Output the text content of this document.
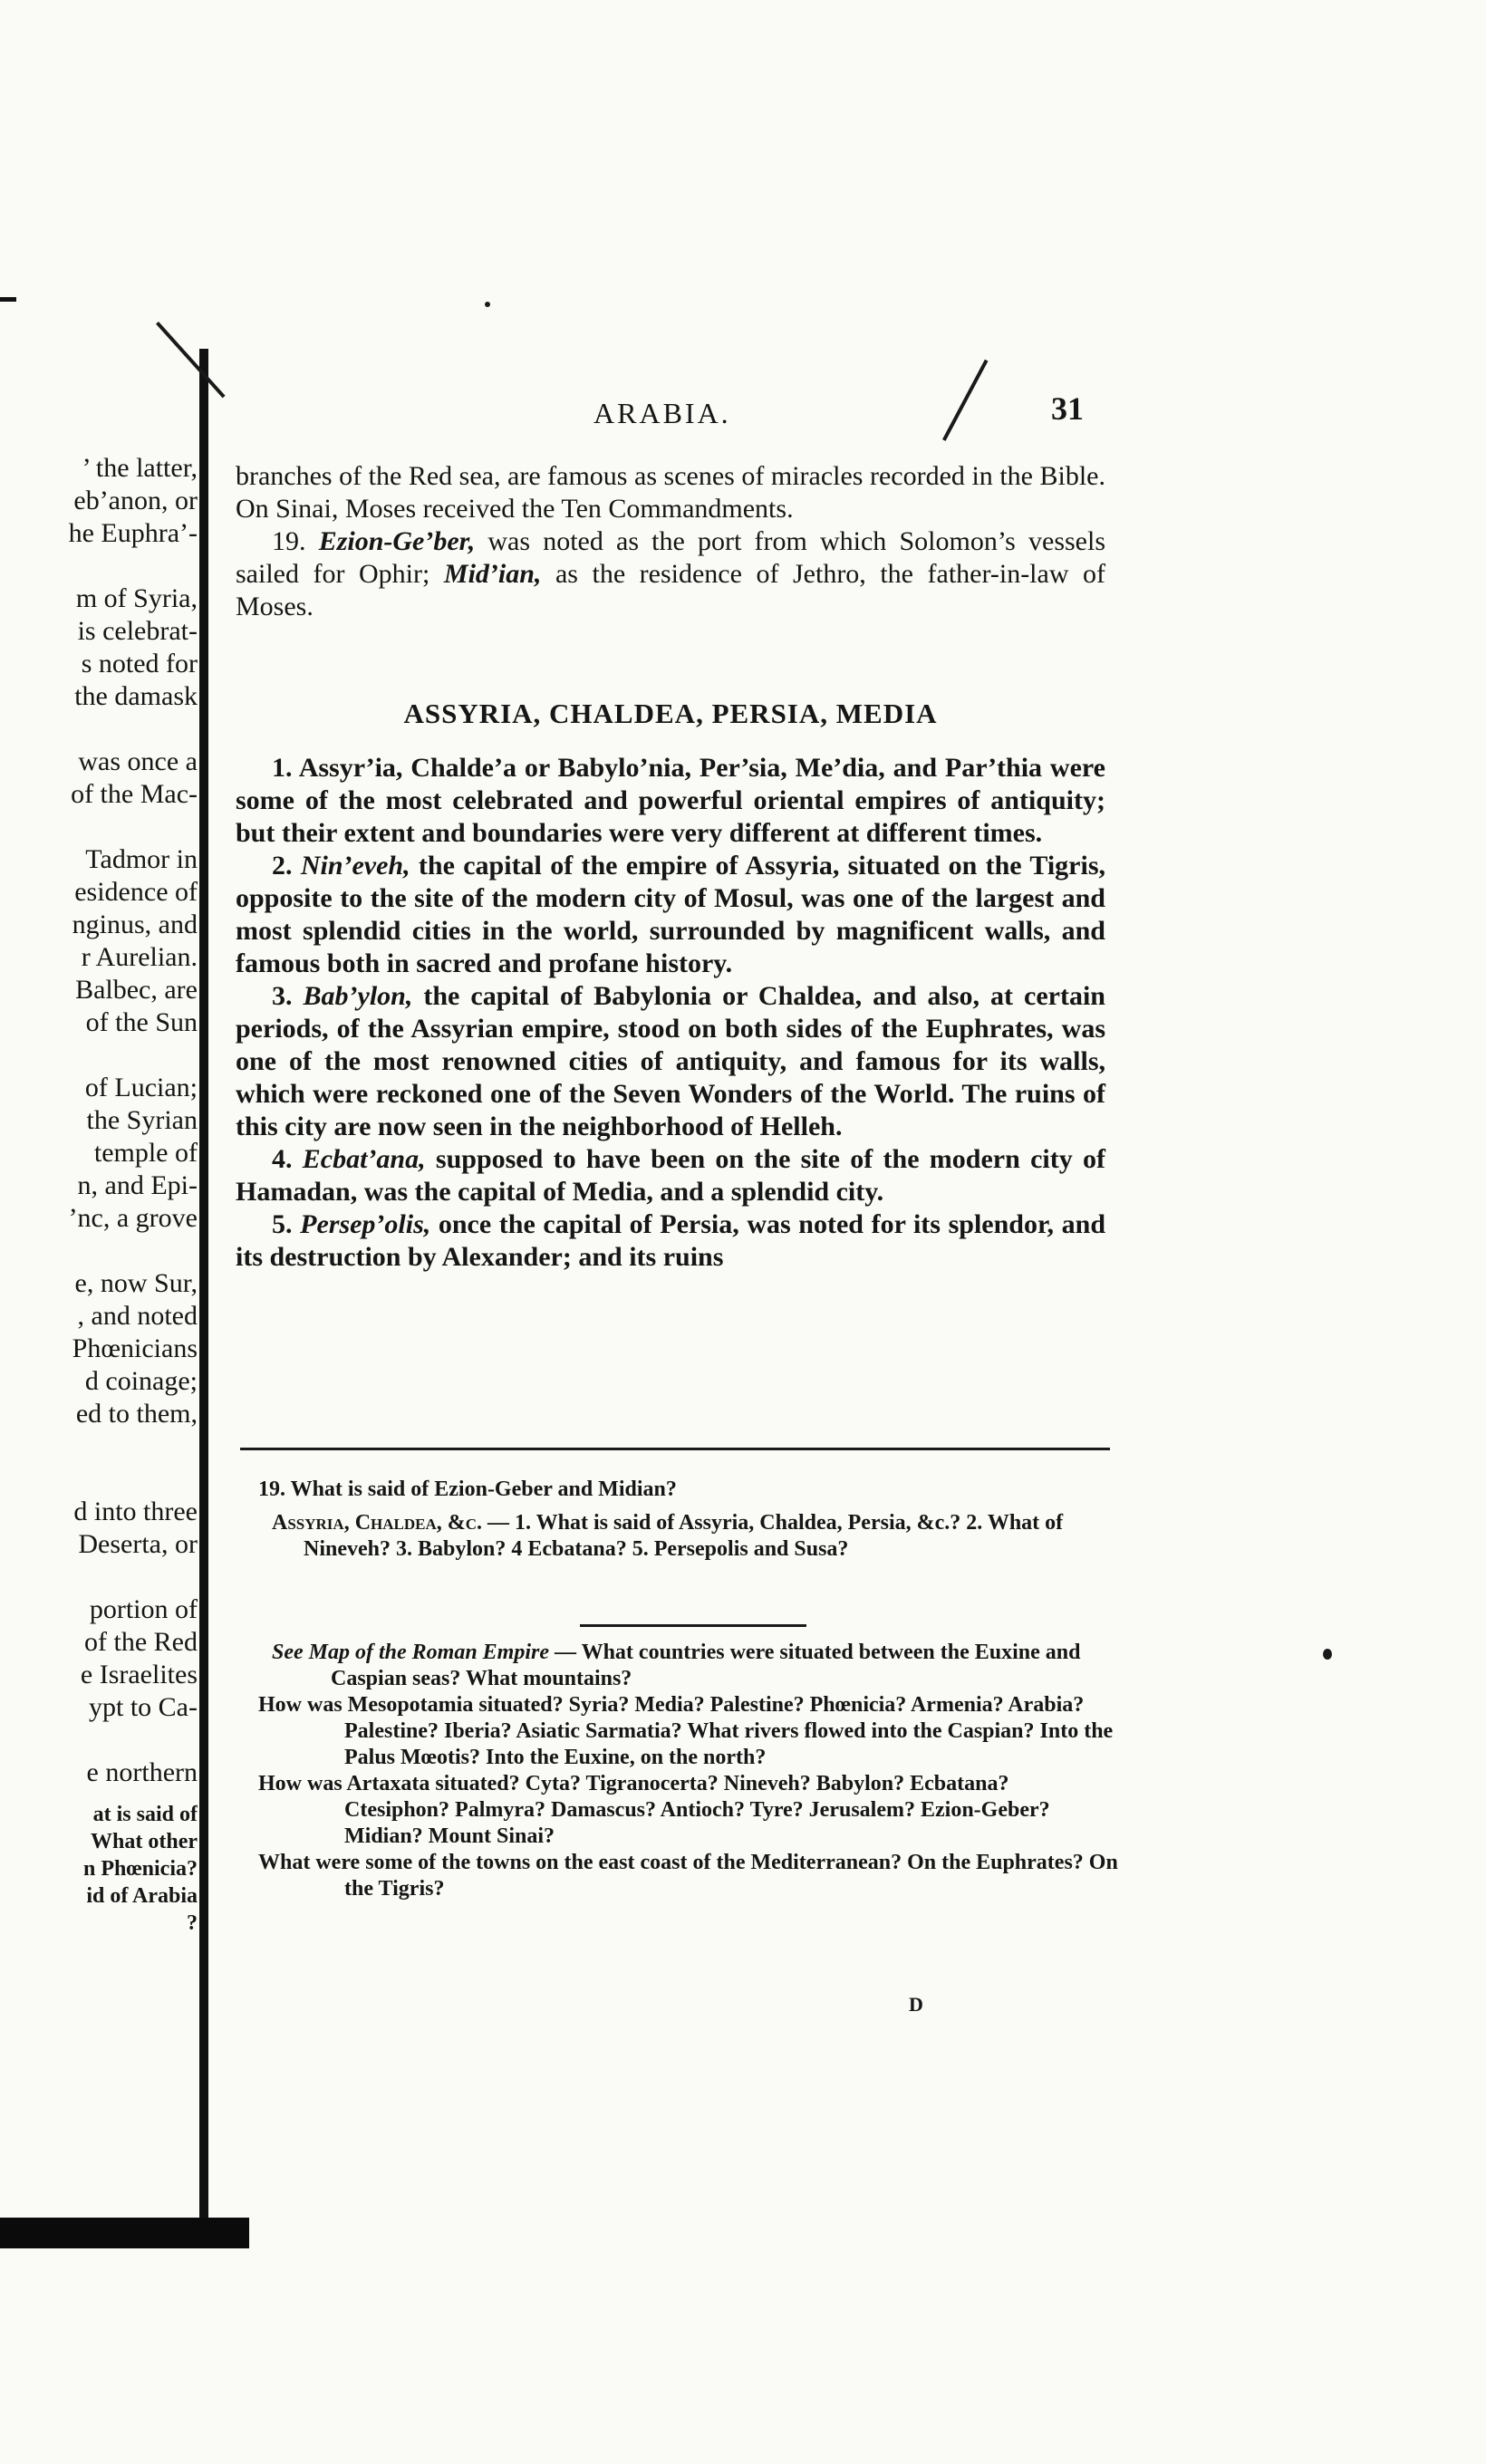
’ the latter,
eb’anon, or
he Euphra’-
m of Syria,
is celebrat-
s noted for
the damask
was once a
of the Mac-
Tadmor in
esidence of
nginus, and
r Aurelian.
Balbec, are
of the Sun
of Lucian;
the Syrian
temple of
n, and Epi-
’nc, a grove
e, now Sur,
, and noted
Phœnicians
d coinage;
ed to them,
d into three
Deserta, or
portion of
of the Red
e Israelites
ypt to Ca-
e northern
at is said of
What other
n Phœnicia?
id of Arabia
?
ARABIA.	31

branches of the Red sea, are famous as scenes of miracles recorded in the Bible. On Sinai, Moses received the Ten Commandments.

19. Ezion-Ge’ber, was noted as the port from which Solomon’s vessels sailed for Ophir; Mid’ian, as the residence of Jethro, the father-in-law of Moses.

ASSYRIA, CHALDEA, PERSIA, MEDIA

1. Assyr’ia, Chalde’a or Babylo’nia, Per’sia, Me’dia, and Par’thia were some of the most celebrated and powerful oriental empires of antiquity; but their extent and boundaries were very different at different times.

2. Nin’eveh, the capital of the empire of Assyria, situated on the Tigris, opposite to the site of the modern city of Mosul, was one of the largest and most splendid cities in the world, surrounded by magnificent walls, and famous both in sacred and profane history.

3. Bab’ylon, the capital of Babylonia or Chaldea, and also, at certain periods, of the Assyrian empire, stood on both sides of the Euphrates, was one of the most renowned cities of antiquity, and famous for its walls, which were reckoned one of the Seven Wonders of the World. The ruins of this city are now seen in the neighborhood of Helleh.

4. Ecbat’ana, supposed to have been on the site of the modern city of Hamadan, was the capital of Media, and a splendid city.

5. Persep’olis, once the capital of Persia, was noted for its splendor, and its destruction by Alexander; and its ruins

19. What is said of Ezion-Geber and Midian?

Assyria, Chaldea, &c. — 1. What is said of Assyria, Chaldea, Persia, &c.? 2. What of Nineveh? 3. Babylon? 4 Ecbatana? 5. Persepolis and Susa?

See Map of the Roman Empire — What countries were situated between the Euxine and Caspian seas? What mountains?

How was Mesopotamia situated? Syria? Media? Palestine? Phœnicia? Armenia? Arabia? Palestine? Iberia? Asiatic Sarmatia? What rivers flowed into the Caspian? Into the Palus Mœotis? Into the Euxine, on the north?

How was Artaxata situated? Cyta? Tigranocerta? Nineveh? Babylon? Ecbatana? Ctesiphon? Palmyra? Damascus? Antioch? Tyre? Jerusalem? Ezion-Geber? Midian? Mount Sinai?

What were some of the towns on the east coast of the Mediterranean? On the Euphrates? On the Tigris?

D
